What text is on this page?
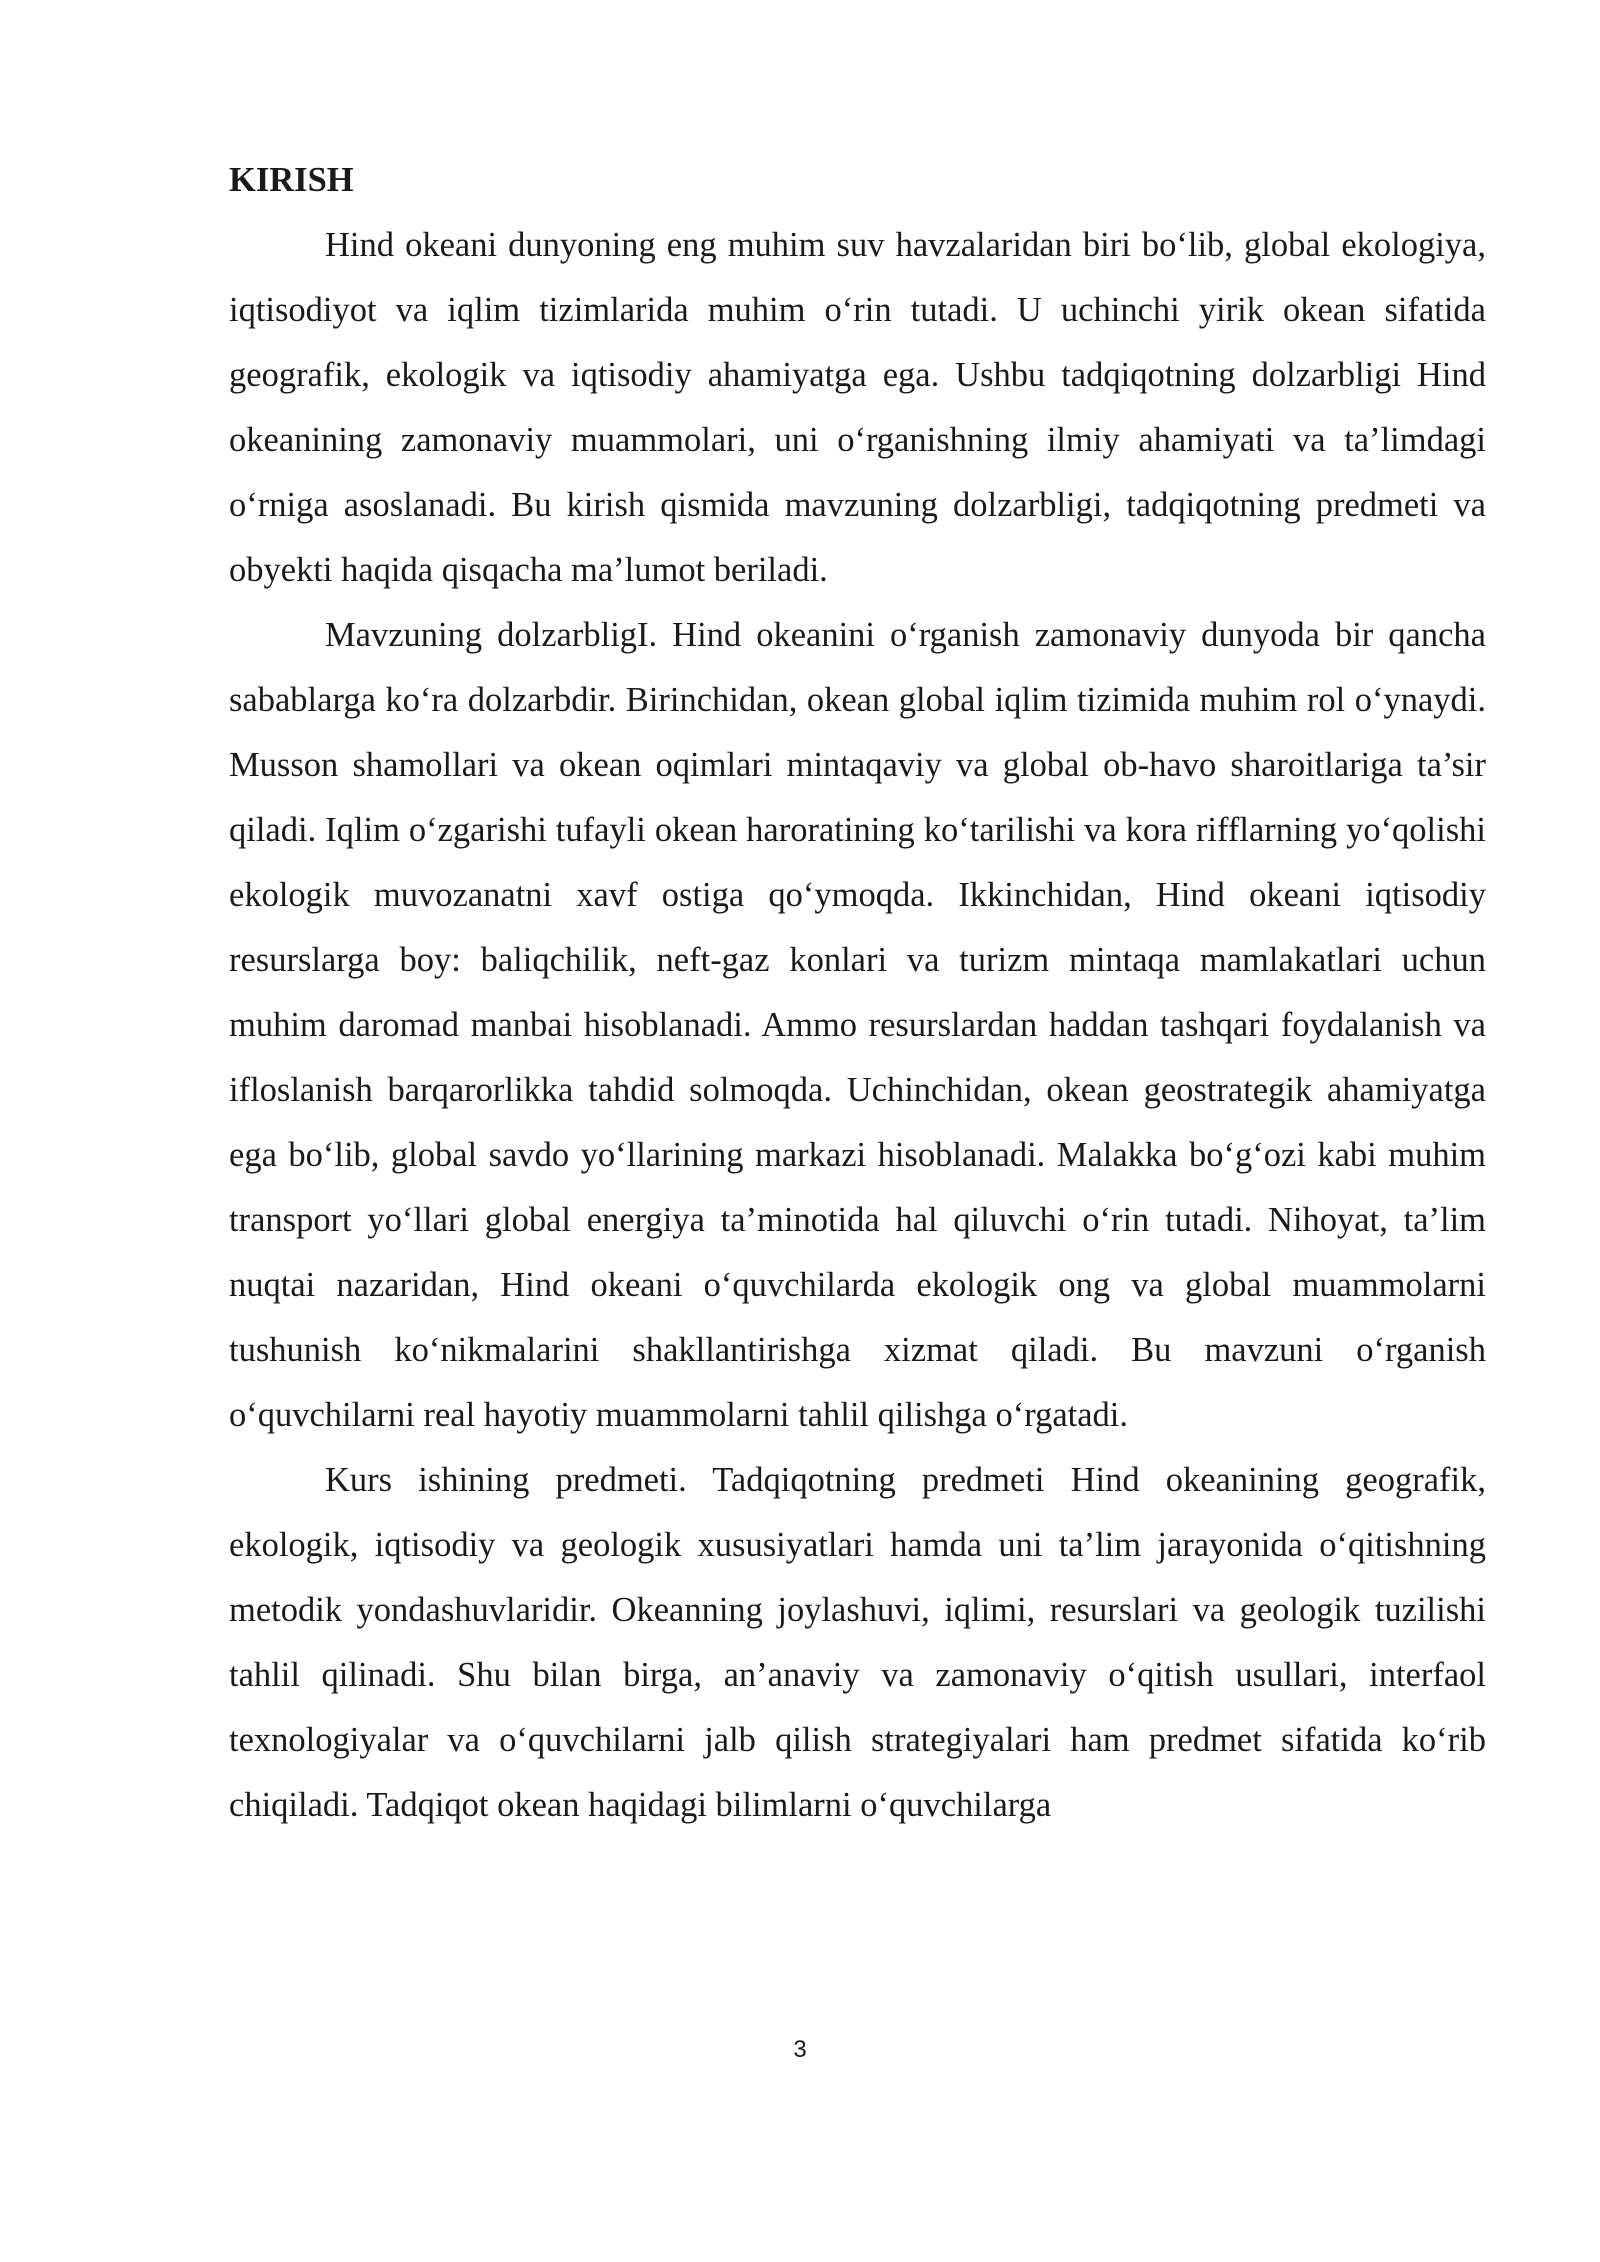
KIRISH

Hind okeani dunyoning eng muhim suv havzalaridan biri bo‘lib, global ekologiya, iqtisodiyot va iqlim tizimlarida muhim o‘rin tutadi. U uchinchi yirik okean sifatida geografik, ekologik va iqtisodiy ahamiyatga ega. Ushbu tadqiqotning dolzarbligi Hind okeanining zamonaviy muammolari, uni o‘rganishning ilmiy ahamiyati va ta’limdagi o‘rniga asoslanadi. Bu kirish qismida mavzuning dolzarbligi, tadqiqotning predmeti va obyekti haqida qisqacha ma’lumot beriladi.

Mavzuning dolzarbligI. Hind okeanini o‘rganish zamonaviy dunyoda bir qancha sabablarga ko‘ra dolzarbdir. Birinchidan, okean global iqlim tizimida muhim rol o‘ynaydi. Musson shamollari va okean oqimlari mintaqaviy va global ob-havo sharoitlariga ta’sir qiladi. Iqlim o‘zgarishi tufayli okean haroratining ko‘tarilishi va kora rifflarning yo‘qolishi ekologik muvozanatni xavf ostiga qo‘ymoqda. Ikkinchidan, Hind okeani iqtisodiy resurslarga boy: baliqchilik, neft-gaz konlari va turizm mintaqa mamlakatlari uchun muhim daromad manbai hisoblanadi. Ammo resurslardan haddan tashqari foydalanish va ifloslanish barqarorlikka tahdid solmoqda. Uchinchidan, okean geostrategik ahamiyatga ega bo‘lib, global savdo yo‘llarining markazi hisoblanadi. Malakka bo‘g‘ozi kabi muhim transport yo‘llari global energiya ta’minotida hal qiluvchi o‘rin tutadi. Nihoyat, ta’lim nuqtai nazaridan, Hind okeani o‘quvchilarda ekologik ong va global muammolarni tushunish ko‘nikmalarini shakllantirishga xizmat qiladi. Bu mavzuni o‘rganish o‘quvchilarni real hayotiy muammolarni tahlil qilishga o‘rgatadi.

Kurs ishining predmeti. Tadqiqotning predmeti Hind okeanining geografik, ekologik, iqtisodiy va geologik xususiyatlari hamda uni ta’lim jarayonida o‘qitishning metodik yondashuvlaridir. Okeanning joylashuvi, iqlimi, resurslari va geologik tuzilishi tahlil qilinadi. Shu bilan birga, an’anaviy va zamonaviy o‘qitish usullari, interfaol texnologiyalar va o‘quvchilarni jalb qilish strategiyalari ham predmet sifatida ko‘rib chiqiladi. Tadqiqot okean haqidagi bilimlarni o‘quvchilarga

3
